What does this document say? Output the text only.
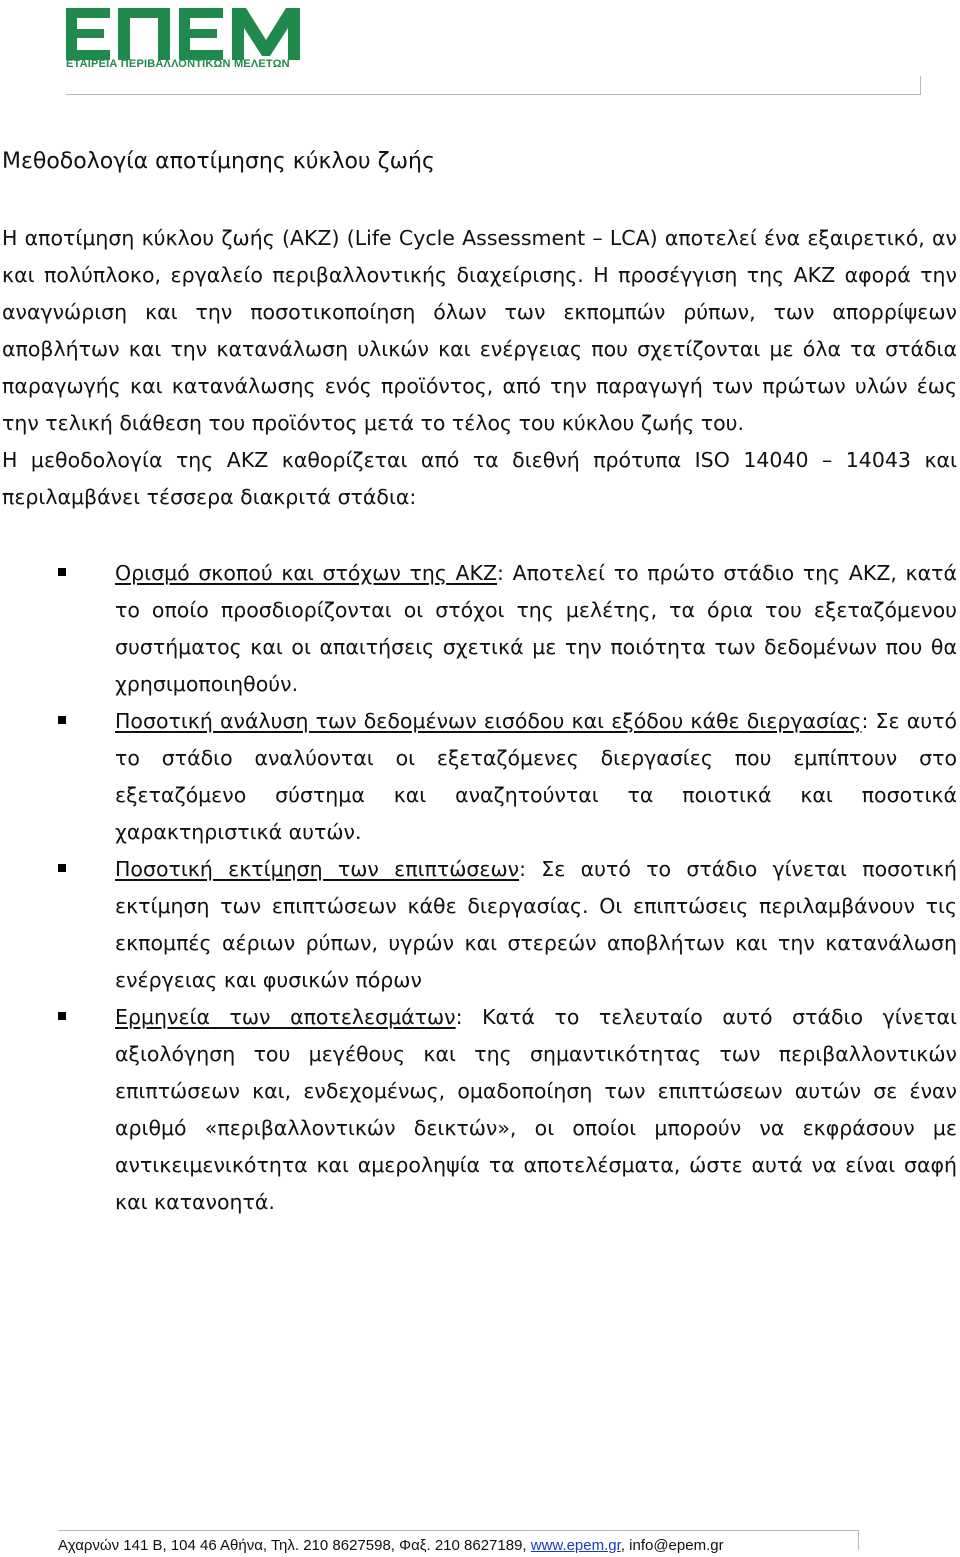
ΕΤΑΙΡΕΙΑ ΠΕΡΙΒΑΛΛΟΝΤΙΚΩΝ ΜΕΛΕΤΩΝ
Μεθοδολογία αποτίμησης κύκλου ζωής

Η αποτίμηση κύκλου ζωής (ΑΚΖ) (Life Cycle Assessment – LCA) αποτελεί ένα εξαιρετικό, αν και πολύπλοκο, εργαλείο περιβαλλοντικής διαχείρισης. Η προσέγγιση της ΑΚΖ αφορά την αναγνώριση και την ποσοτικοποίηση όλων των εκπομπών ρύπων, των απορρίψεων αποβλήτων και την κατανάλωση υλικών και ενέργειας που σχετίζονται με όλα τα στάδια παραγωγής και κατανάλωσης ενός προϊόντος, από την παραγωγή των πρώτων υλών έως την τελική διάθεση του προϊόντος μετά το τέλος του κύκλου ζωής του.

Η μεθοδολογία της ΑΚΖ καθορίζεται από τα διεθνή πρότυπα ISO 14040 – 14043 και περιλαμβάνει τέσσερα διακριτά στάδια:

Ορισμό σκοπού και στόχων της ΑΚΖ: Αποτελεί το πρώτο στάδιο της ΑΚΖ, κατά το οποίο προσδιορίζονται οι στόχοι της μελέτης, τα όρια του εξεταζόμενου συστήματος και οι απαιτήσεις σχετικά με την ποιότητα των δεδομένων που θα χρησιμοποιηθούν.
Ποσοτική ανάλυση των δεδομένων εισόδου και εξόδου κάθε διεργασίας: Σε αυτό το στάδιο αναλύονται οι εξεταζόμενες διεργασίες που εμπίπτουν στο εξεταζόμενο σύστημα και αναζητούνται τα ποιοτικά και ποσοτικά χαρακτηριστικά αυτών.
Ποσοτική εκτίμηση των επιπτώσεων: Σε αυτό το στάδιο γίνεται ποσοτική εκτίμηση των επιπτώσεων κάθε διεργασίας. Οι επιπτώσεις περιλαμβάνουν τις εκπομπές αέριων ρύπων, υγρών και στερεών αποβλήτων και την κατανάλωση ενέργειας και φυσικών πόρων
Ερμηνεία των αποτελεσμάτων: Κατά το τελευταίο αυτό στάδιο γίνεται αξιολόγηση του μεγέθους και της σημαντικότητας των περιβαλλοντικών επιπτώσεων και, ενδεχομένως, ομαδοποίηση των επιπτώσεων αυτών σε έναν αριθμό «περιβαλλοντικών δεικτών», οι οποίοι μπορούν να εκφράσουν με αντικειμενικότητα και αμεροληψία τα αποτελέσματα, ώστε αυτά να είναι σαφή και κατανοητά.
Αχαρνών 141 Β, 104 46 Αθήνα, Τηλ. 210 8627598, Φαξ. 210 8627189, www.epem.gr, info@epem.gr
